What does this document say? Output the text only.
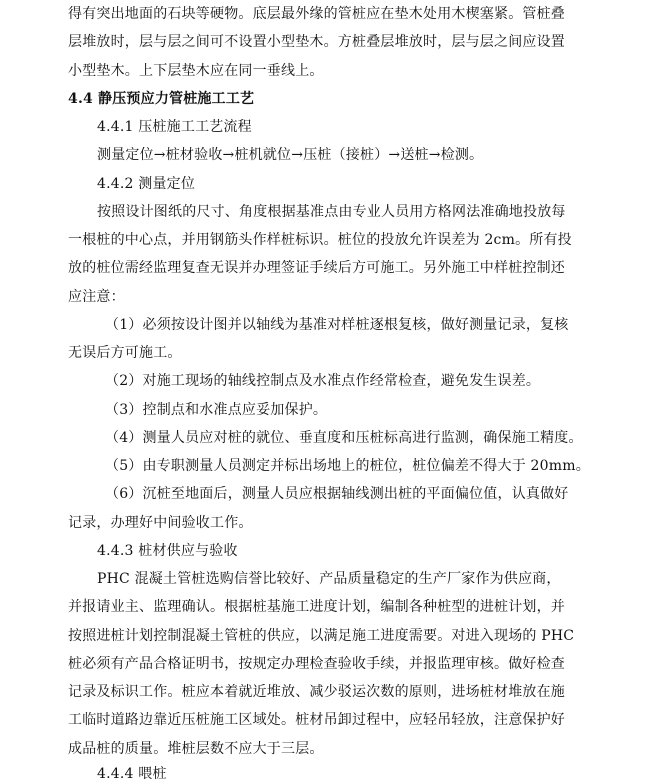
得有突出地面的石块等硬物。底层最外缘的管桩应在垫木处用木楔塞紧。管桩叠
层堆放时，层与层之间可不设置小型垫木。方桩叠层堆放时，层与层之间应设置
小型垫木。上下层垫木应在同一垂线上。
4.4 静压预应力管桩施工工艺
4.4.1 压桩施工工艺流程
测量定位→桩材验收→桩机就位→压桩（接桩）→送桩→检测。
4.4.2 测量定位
按照设计图纸的尺寸、角度根据基准点由专业人员用方格网法准确地投放每
一根桩的中心点，并用钢筋头作样桩标识。桩位的投放允许误差为 2cm。所有投
放的桩位需经监理复查无误并办理签证手续后方可施工。另外施工中样桩控制还
应注意：
（1）必须按设计图并以轴线为基准对样桩逐根复核，做好测量记录，复核
无误后方可施工。
（2）对施工现场的轴线控制点及水准点作经常检查，避免发生误差。
（3）控制点和水准点应妥加保护。
（4）测量人员应对桩的就位、垂直度和压桩标高进行监测，确保施工精度。
（5）由专职测量人员测定并标出场地上的桩位，桩位偏差不得大于 20mm。
（6）沉桩至地面后，测量人员应根据轴线测出桩的平面偏位值，认真做好
记录，办理好中间验收工作。
4.4.3 桩材供应与验收
PHC 混凝土管桩选购信誉比较好、产品质量稳定的生产厂家作为供应商，
并报请业主、监理确认。根据桩基施工进度计划，编制各种桩型的进桩计划，并
按照进桩计划控制混凝土管桩的供应，以满足施工进度需要。对进入现场的 PHC
桩必须有产品合格证明书，按规定办理检查验收手续，并报监理审核。做好检查
记录及标识工作。桩应本着就近堆放、减少驳运次数的原则，进场桩材堆放在施
工临时道路边靠近压桩施工区域处。桩材吊卸过程中，应轻吊轻放，注意保护好
成品桩的质量。堆桩层数不应大于三层。
4.4.4 喂桩
